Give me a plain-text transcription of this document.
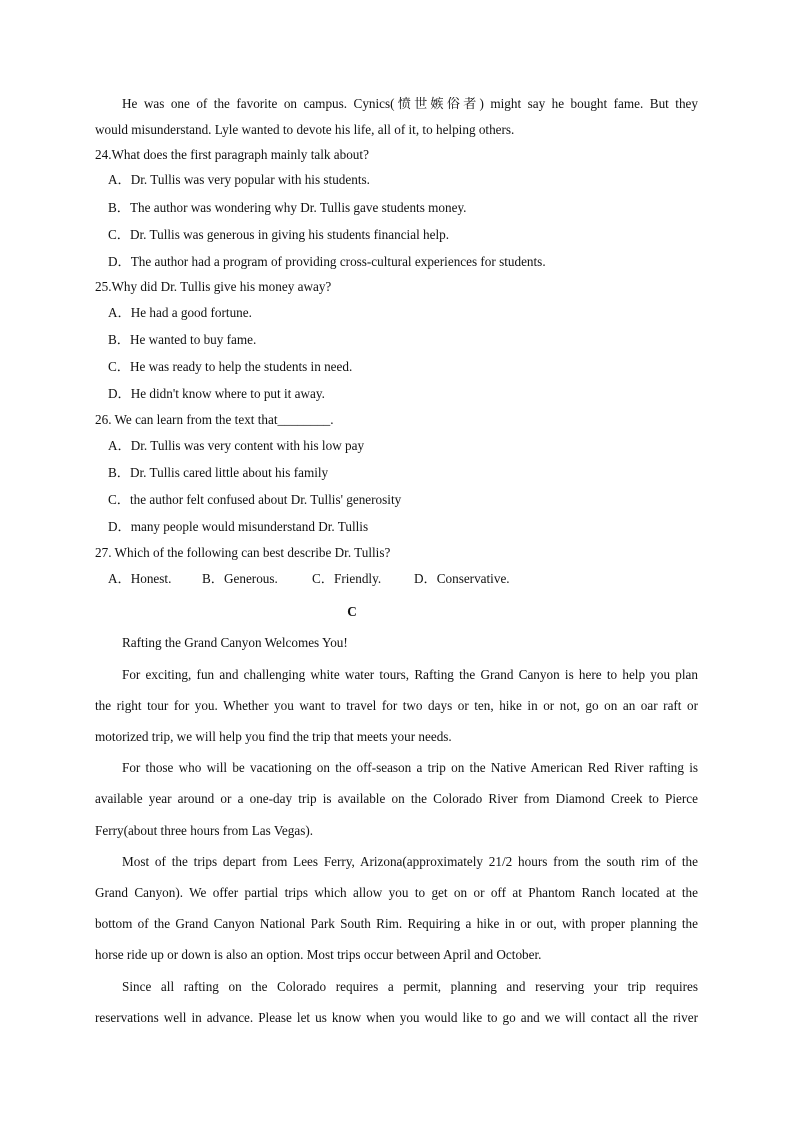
He was one of the favorite on campus. Cynics(愤世嫉俗者) might say he bought fame. But they
would misunderstand. Lyle wanted to devote his life, all of it, to helping others.
24.What does the first paragraph mainly talk about?
A．Dr. Tullis was very popular with his students.
B．The author was wondering why Dr. Tullis gave students money.
C．Dr. Tullis was generous in giving his students financial help.
D．The author had a program of providing cross-cultural experiences for students.
25.Why did Dr. Tullis give his money away?
A．He had a good fortune.
B．He wanted to buy fame.
C．He was ready to help the students in need.
D．He didn't know where to put it away.
26. We can learn from the text that________.
A．Dr. Tullis was very content with his low pay
B．Dr. Tullis cared little about his family
C．the author felt confused about Dr. Tullis' generosity
D．many people would misunderstand Dr. Tullis
27. Which of the following can best describe Dr. Tullis?
A．Honest. B．Generous.	C．Friendly. D．Conservative.
C
Rafting the Grand Canyon Welcomes You!
For exciting, fun and challenging white water tours, Rafting the Grand Canyon is here to help you plan
the right tour for you. Whether you want to travel for two days or ten, hike in or not, go on an oar raft or
motorized trip, we will help you find the trip that meets your needs.
For those who will be vacationing on the off-season a trip on the Native American Red River rafting is
available year around or a one-day trip is available on the Colorado River from Diamond Creek to Pierce
Ferry(about three hours from Las Vegas).
Most of the trips depart from Lees Ferry, Arizona(approximately 21/2 hours from the south rim of the
Grand Canyon). We offer partial trips which allow you to get on or off at Phantom Ranch located at the
bottom of the Grand Canyon National Park South Rim. Requiring a hike in or out, with proper planning the
horse ride up or down is also an option. Most trips occur between April and October.
Since all rafting on the Colorado requires a permit, planning and reserving your trip requires
reservations well in advance. Please let us know when you would like to go and we will contact all the river
